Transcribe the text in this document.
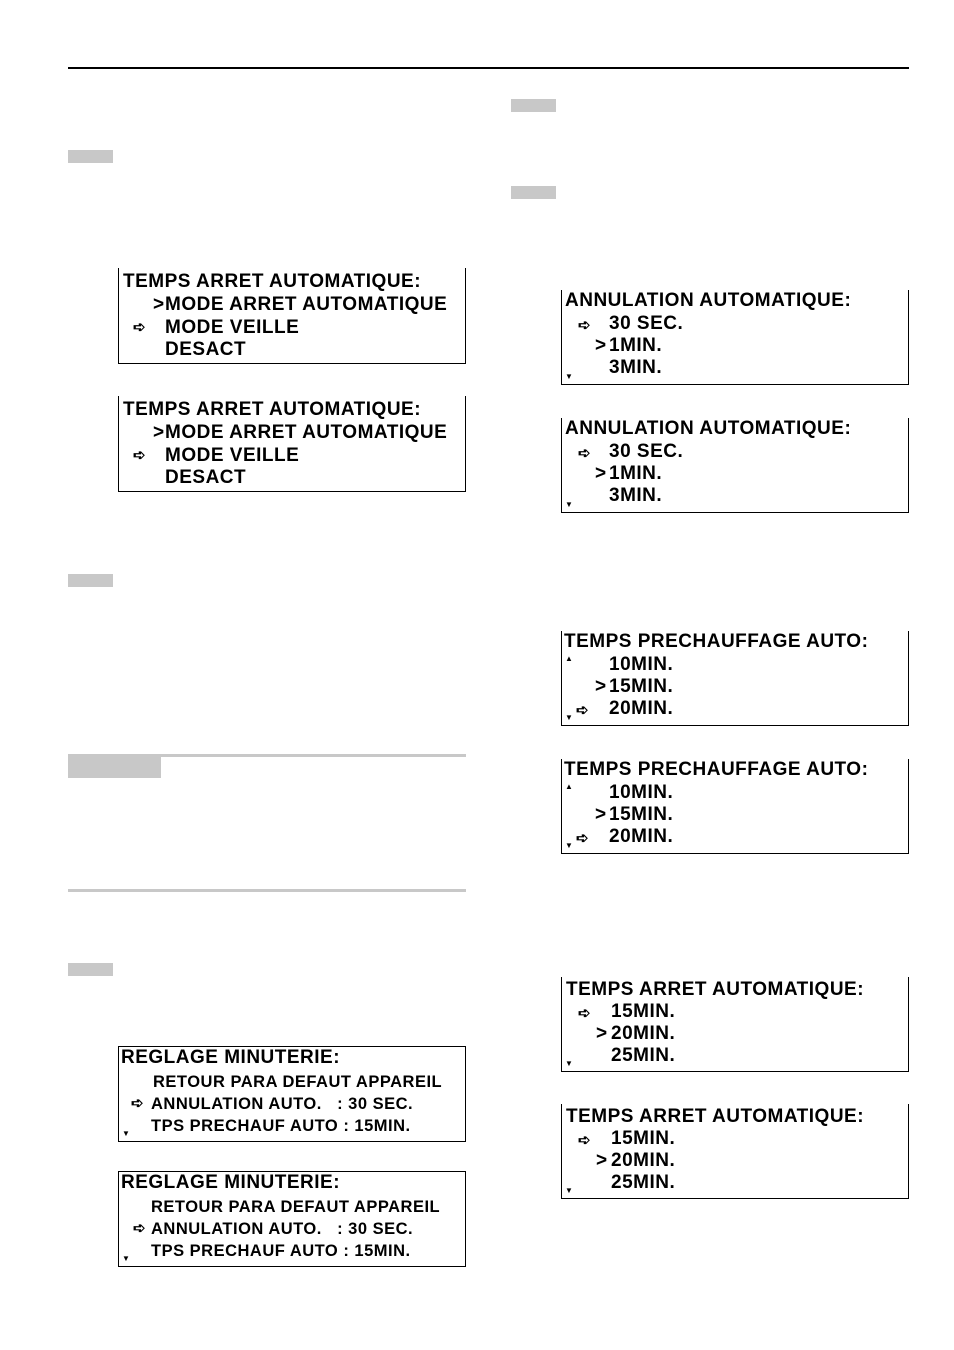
TEMPS ARRET AUTOMATIQUE:
> MODE ARRET AUTOMATIQUE
➪ MODE VEILLE
DESACT
TEMPS ARRET AUTOMATIQUE:
> MODE ARRET AUTOMATIQUE
➪ MODE VEILLE
DESACT
REGLAGE MINUTERIE:
RETOUR PARA DEFAUT APPAREIL
➪ ANNULATION AUTO.   : 30 SEC.
TPS PRECHAUF AUTO : 15MIN.
▼
REGLAGE MINUTERIE:
RETOUR PARA DEFAUT APPAREIL
➪ ANNULATION AUTO.   : 30 SEC.
TPS PRECHAUF AUTO : 15MIN.
▼
ANNULATION AUTOMATIQUE:
➪ 30 SEC.
> 1MIN.
3MIN.
▼
ANNULATION AUTOMATIQUE:
➪ 30 SEC.
> 1MIN.
3MIN.
▼
TEMPS PRECHAUFFAGE AUTO:
▲ 10MIN.
> 15MIN.
➪ 20MIN.
▼
TEMPS PRECHAUFFAGE AUTO:
▲ 10MIN.
> 15MIN.
➪ 20MIN.
▼
TEMPS ARRET AUTOMATIQUE:
➪ 15MIN.
> 20MIN.
25MIN.
▼
TEMPS ARRET AUTOMATIQUE:
➪ 15MIN.
> 20MIN.
25MIN.
▼
